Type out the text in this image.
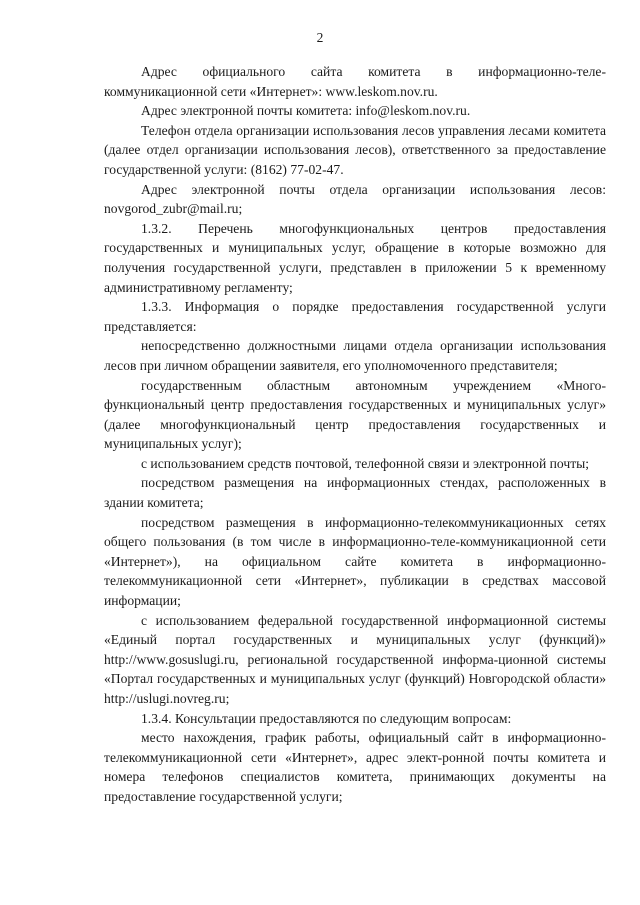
2

Адрес официального сайта комитета в информационно-теле-коммуникационной сети «Интернет»: www.leskom.nov.ru.

Адрес электронной почты комитета: info@leskom.nov.ru.

Телефон отдела организации использования лесов управления лесами комитета (далее отдел организации использования лесов), ответственного за предоставление государственной услуги: (8162) 77-02-47.

Адрес электронной почты отдела организации использования лесов: novgorod_zubr@mail.ru;

1.3.2. Перечень многофункциональных центров предоставления государственных и муниципальных услуг, обращение в которые возможно для получения государственной услуги, представлен в приложении 5 к временному административному регламенту;

1.3.3. Информация о порядке предоставления государственной услуги представляется:

непосредственно должностными лицами отдела организации использования лесов при личном обращении заявителя, его уполномоченного представителя;

государственным областным автономным учреждением «Много-функциональный центр предоставления государственных и муниципальных услуг» (далее многофункциональный центр предоставления государственных и муниципальных услуг);

с использованием средств почтовой, телефонной связи и электронной почты;

посредством размещения на информационных стендах, расположенных в здании комитета;

посредством размещения в информационно-телекоммуникационных сетях общего пользования (в том числе в информационно-теле-коммуникационной сети «Интернет»), на официальном сайте комитета в информационно-телекоммуникационной сети «Интернет», публикации в средствах массовой информации;

с использованием федеральной государственной информационной системы «Единый портал государственных и муниципальных услуг (функций)» http://www.gosuslugi.ru, региональной государственной информа-ционной системы «Портал государственных и муниципальных услуг (функций) Новгородской области» http://uslugi.novreg.ru;

1.3.4. Консультации предоставляются по следующим вопросам:

место нахождения, график работы, официальный сайт в информационно-телекоммуникационной сети «Интернет», адрес элект-ронной почты комитета и номера телефонов специалистов комитета, принимающих документы на предоставление государственной услуги;
